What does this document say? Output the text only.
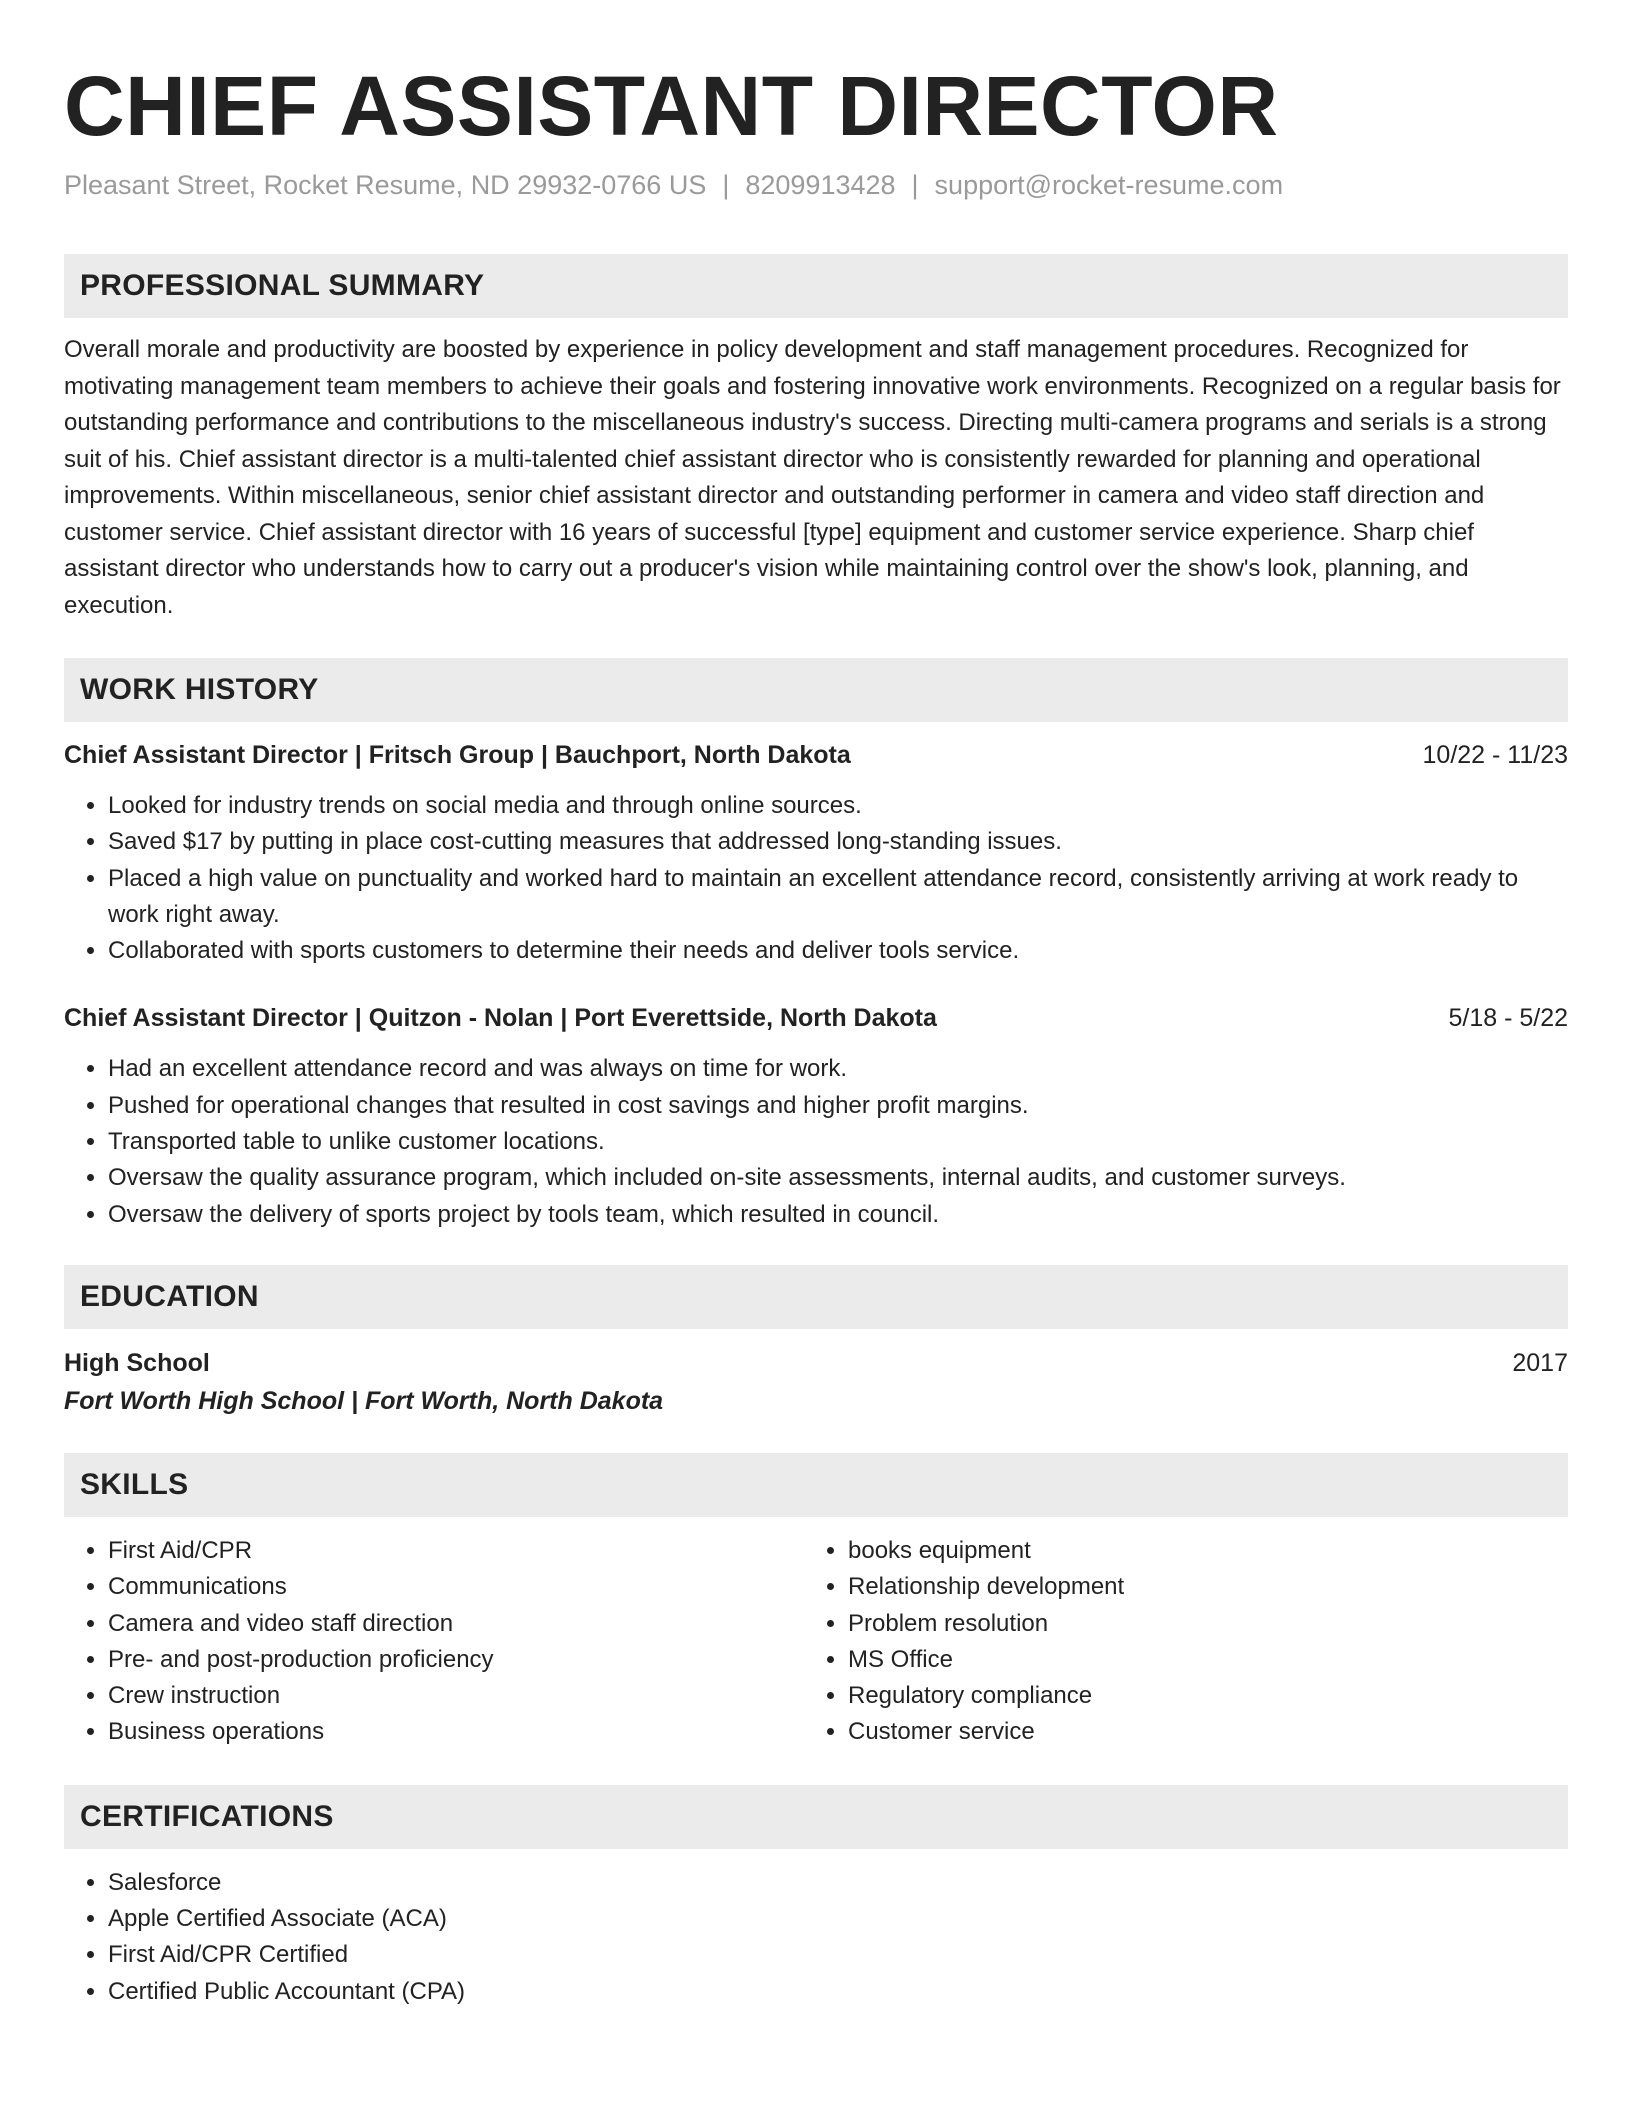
CHIEF ASSISTANT DIRECTOR
Pleasant Street, Rocket Resume, ND 29932-0766 US | 8209913428 | support@rocket-resume.com
PROFESSIONAL SUMMARY
Overall morale and productivity are boosted by experience in policy development and staff management procedures. Recognized for motivating management team members to achieve their goals and fostering innovative work environments. Recognized on a regular basis for outstanding performance and contributions to the miscellaneous industry's success. Directing multi-camera programs and serials is a strong suit of his. Chief assistant director is a multi-talented chief assistant director who is consistently rewarded for planning and operational improvements. Within miscellaneous, senior chief assistant director and outstanding performer in camera and video staff direction and customer service. Chief assistant director with 16 years of successful [type] equipment and customer service experience. Sharp chief assistant director who understands how to carry out a producer's vision while maintaining control over the show's look, planning, and execution.
WORK HISTORY
Chief Assistant Director | Fritsch Group | Bauchport, North Dakota	10/22 - 11/23
• Looked for industry trends on social media and through online sources.
• Saved $17 by putting in place cost-cutting measures that addressed long-standing issues.
• Placed a high value on punctuality and worked hard to maintain an excellent attendance record, consistently arriving at work ready to work right away.
• Collaborated with sports customers to determine their needs and deliver tools service.
Chief Assistant Director | Quitzon - Nolan | Port Everettside, North Dakota	5/18 - 5/22
• Had an excellent attendance record and was always on time for work.
• Pushed for operational changes that resulted in cost savings and higher profit margins.
• Transported table to unlike customer locations.
• Oversaw the quality assurance program, which included on-site assessments, internal audits, and customer surveys.
• Oversaw the delivery of sports project by tools team, which resulted in council.
EDUCATION
High School	2017
Fort Worth High School | Fort Worth, North Dakota
SKILLS
• First Aid/CPR
• Communications
• Camera and video staff direction
• Pre- and post-production proficiency
• Crew instruction
• Business operations
• books equipment
• Relationship development
• Problem resolution
• MS Office
• Regulatory compliance
• Customer service
CERTIFICATIONS
• Salesforce
• Apple Certified Associate (ACA)
• First Aid/CPR Certified
• Certified Public Accountant (CPA)
